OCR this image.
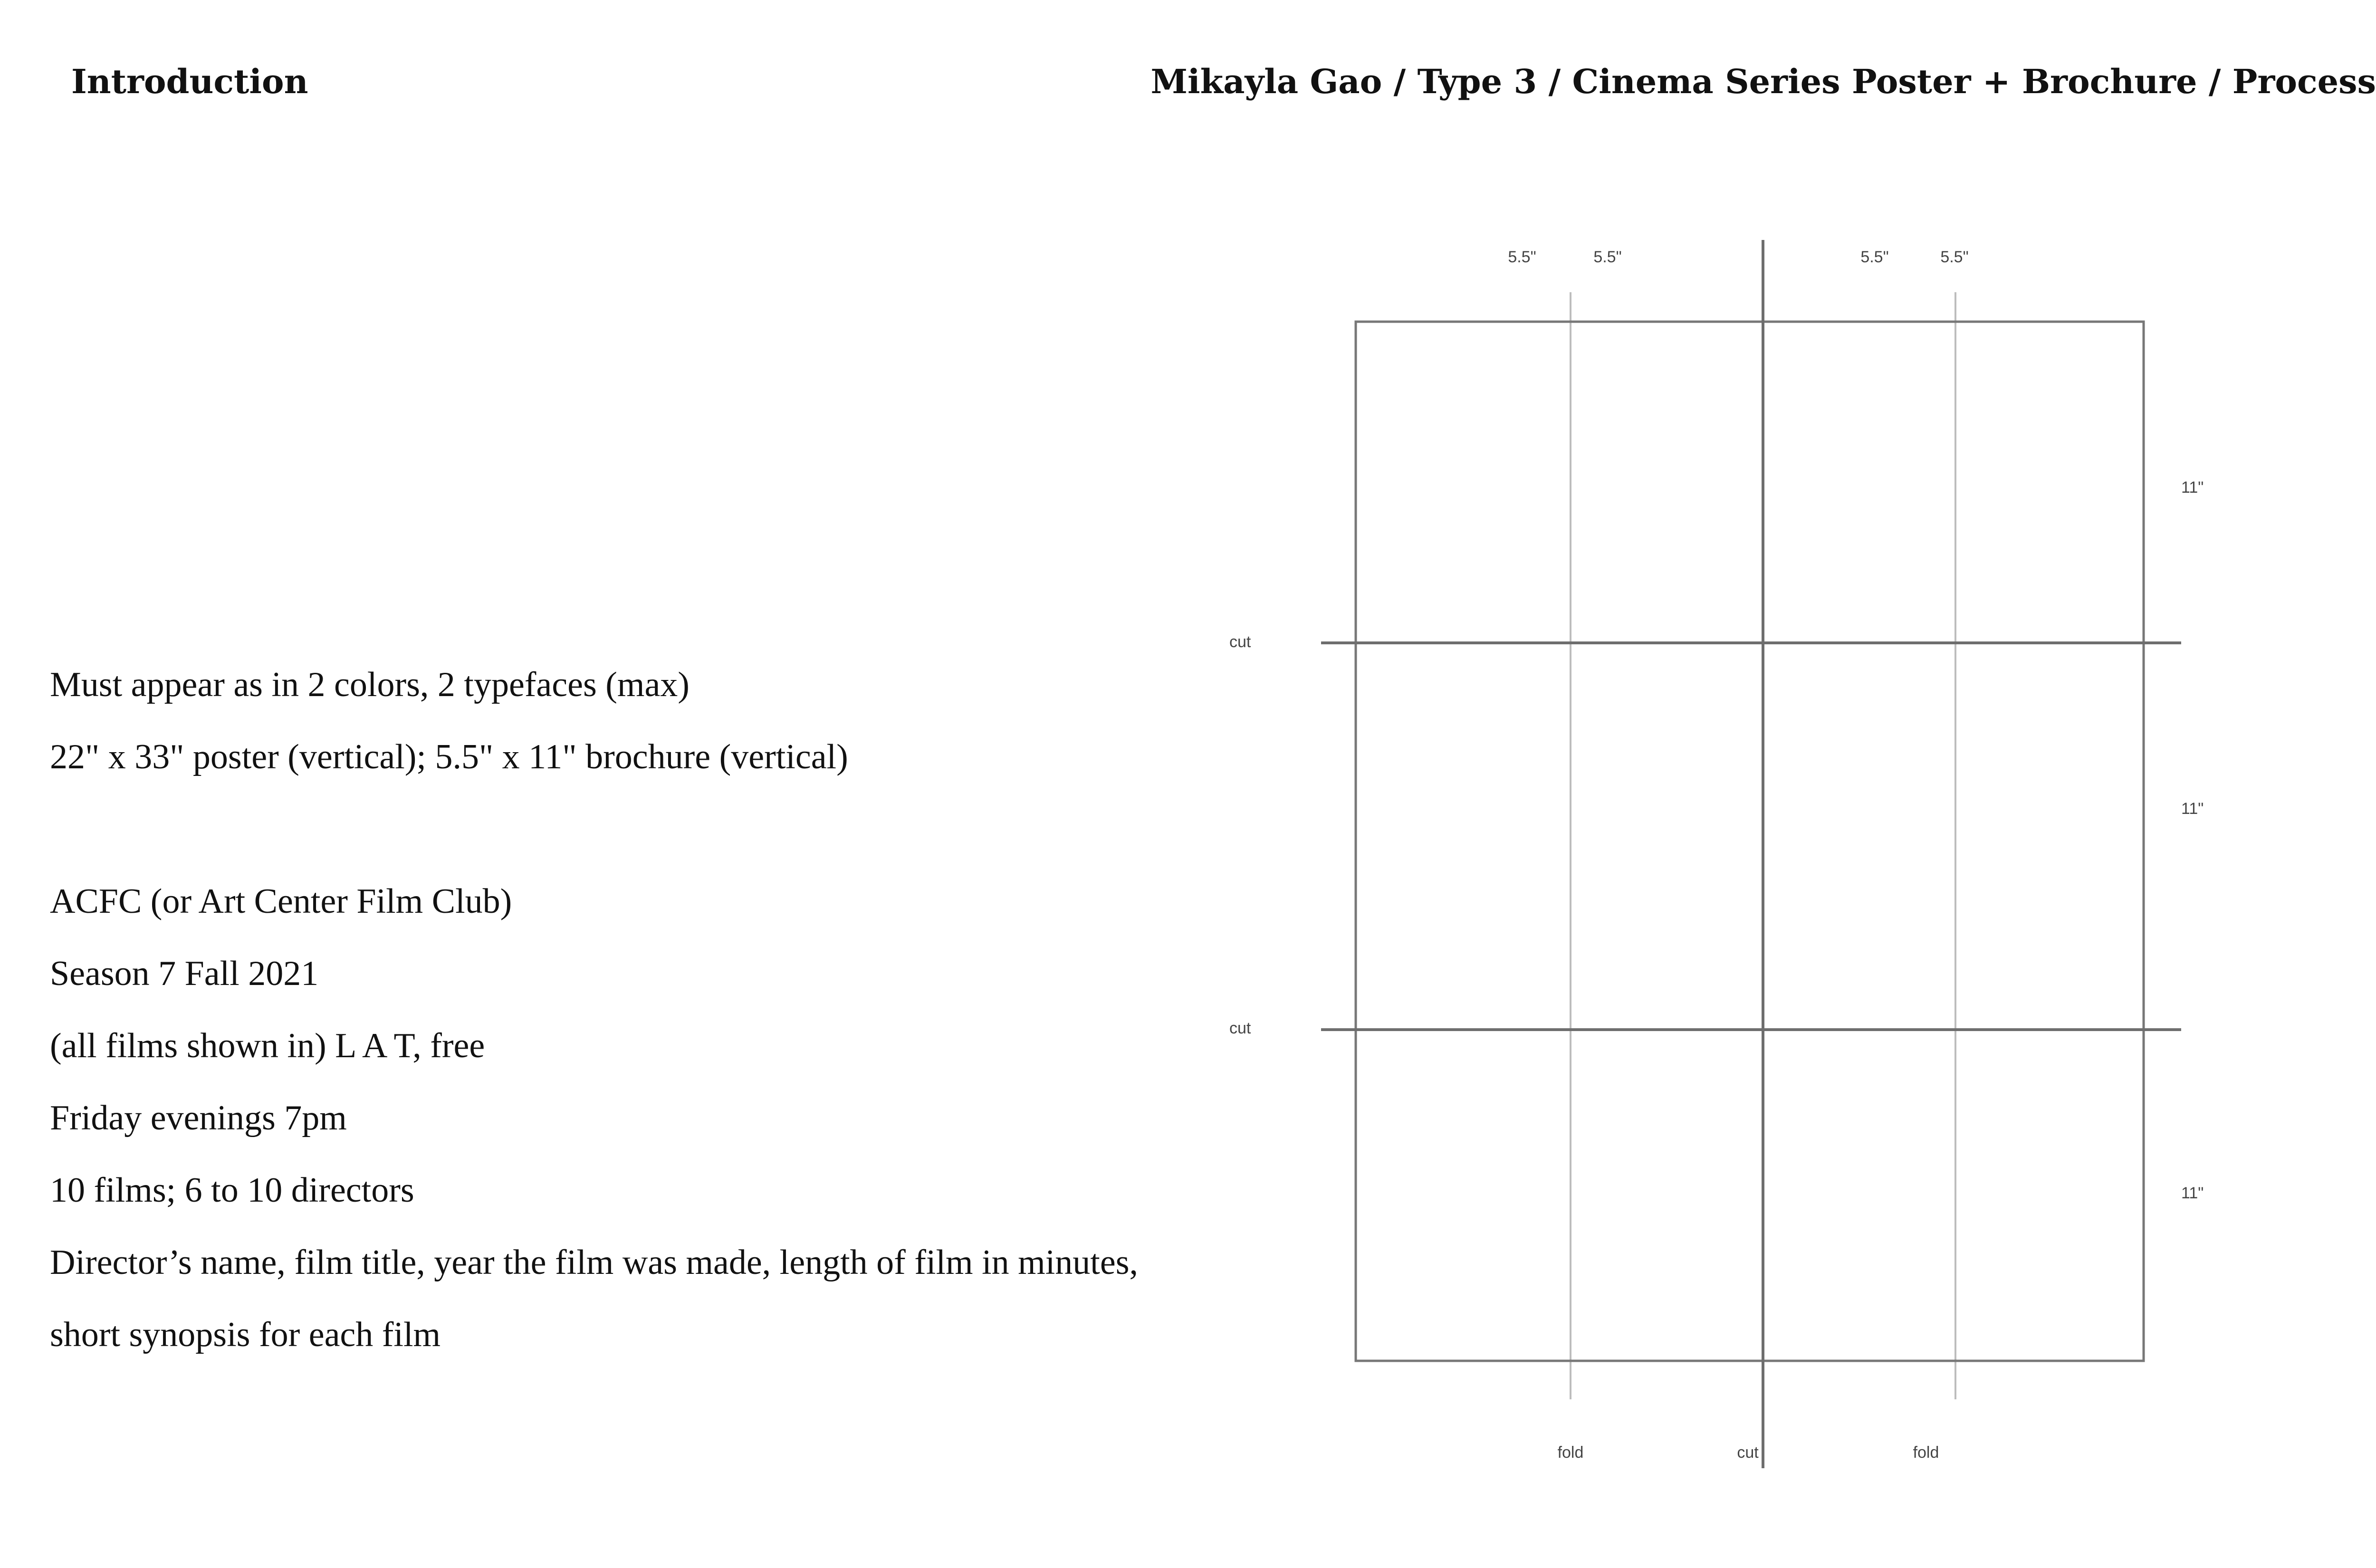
Introduction	Mikayla Gao / Type 3 / Cinema Series Poster + Brochure / Process
Must appear as in 2 colors, 2 typefaces (max)
22" x 33" poster (vertical); 5.5" x 11" brochure (vertical)
ACFC (or Art Center Film Club)
Season 7 Fall 2021
(all films shown in) L A T, free
Friday evenings 7pm
10 films; 6 to 10 directors
Director’s name, film title, year the film was made, length of film in minutes,
short synopsis for each film
5.5"	5.5"	5.5"	5.5"
11"
11"
11"
cut
cut
fold	cut	fold
